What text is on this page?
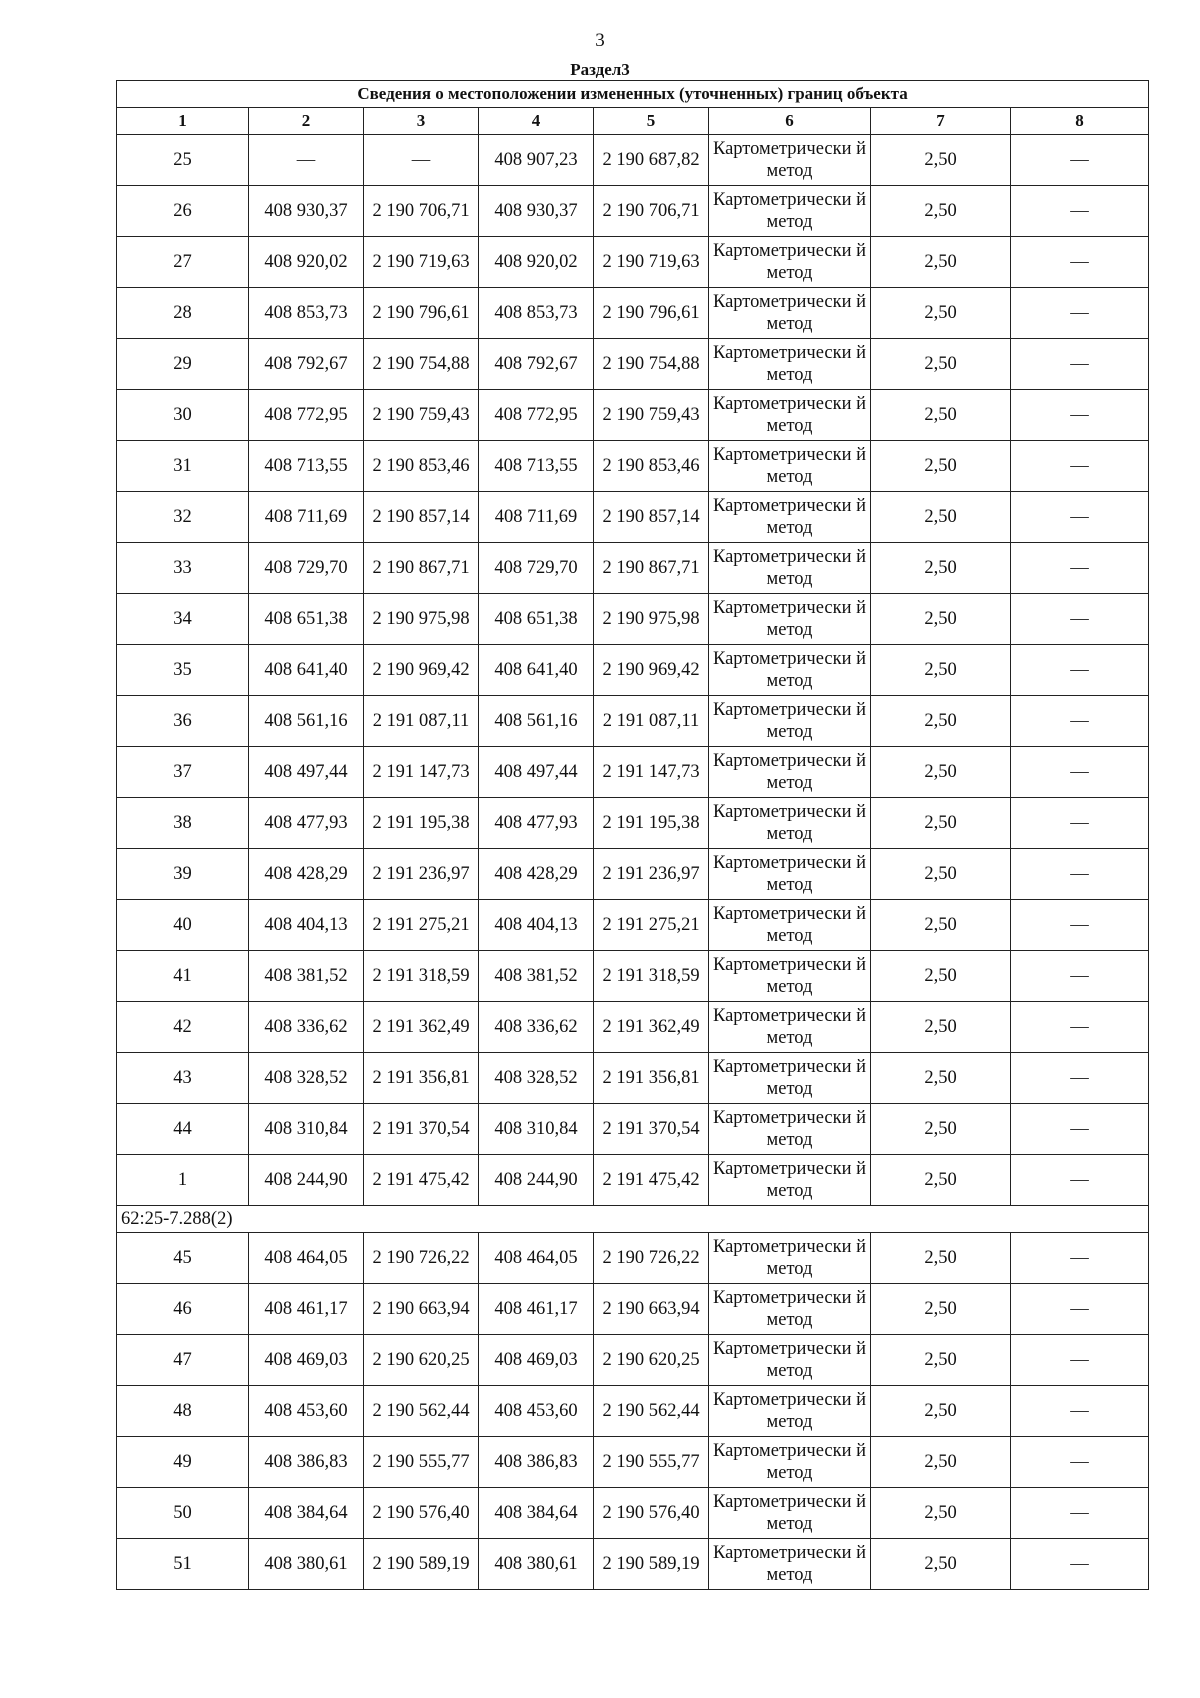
3
Раздел3
Сведения о местоположении измененных (уточненных) границ объекта							
1	2	3	4	5	6	7	8
25	—	—	408 907,23	2 190 687,82	Картометрически й метод	2,50	—
26	408 930,37	2 190 706,71	408 930,37	2 190 706,71	Картометрически й метод	2,50	—
27	408 920,02	2 190 719,63	408 920,02	2 190 719,63	Картометрически й метод	2,50	—
28	408 853,73	2 190 796,61	408 853,73	2 190 796,61	Картометрически й метод	2,50	—
29	408 792,67	2 190 754,88	408 792,67	2 190 754,88	Картометрически й метод	2,50	—
30	408 772,95	2 190 759,43	408 772,95	2 190 759,43	Картометрически й метод	2,50	—
31	408 713,55	2 190 853,46	408 713,55	2 190 853,46	Картометрически й метод	2,50	—
32	408 711,69	2 190 857,14	408 711,69	2 190 857,14	Картометрически й метод	2,50	—
33	408 729,70	2 190 867,71	408 729,70	2 190 867,71	Картометрически й метод	2,50	—
34	408 651,38	2 190 975,98	408 651,38	2 190 975,98	Картометрически й метод	2,50	—
35	408 641,40	2 190 969,42	408 641,40	2 190 969,42	Картометрически й метод	2,50	—
36	408 561,16	2 191 087,11	408 561,16	2 191 087,11	Картометрически й метод	2,50	—
37	408 497,44	2 191 147,73	408 497,44	2 191 147,73	Картометрически й метод	2,50	—
38	408 477,93	2 191 195,38	408 477,93	2 191 195,38	Картометрически й метод	2,50	—
39	408 428,29	2 191 236,97	408 428,29	2 191 236,97	Картометрически й метод	2,50	—
40	408 404,13	2 191 275,21	408 404,13	2 191 275,21	Картометрически й метод	2,50	—
41	408 381,52	2 191 318,59	408 381,52	2 191 318,59	Картометрически й метод	2,50	—
42	408 336,62	2 191 362,49	408 336,62	2 191 362,49	Картометрически й метод	2,50	—
43	408 328,52	2 191 356,81	408 328,52	2 191 356,81	Картометрически й метод	2,50	—
44	408 310,84	2 191 370,54	408 310,84	2 191 370,54	Картометрически й метод	2,50	—
1	408 244,90	2 191 475,42	408 244,90	2 191 475,42	Картометрически й метод	2,50	—
62:25-7.288(2)							
45	408 464,05	2 190 726,22	408 464,05	2 190 726,22	Картометрически й метод	2,50	—
46	408 461,17	2 190 663,94	408 461,17	2 190 663,94	Картометрически й метод	2,50	—
47	408 469,03	2 190 620,25	408 469,03	2 190 620,25	Картометрически й метод	2,50	—
48	408 453,60	2 190 562,44	408 453,60	2 190 562,44	Картометрически й метод	2,50	—
49	408 386,83	2 190 555,77	408 386,83	2 190 555,77	Картометрически й метод	2,50	—
50	408 384,64	2 190 576,40	408 384,64	2 190 576,40	Картометрически й метод	2,50	—
51	408 380,61	2 190 589,19	408 380,61	2 190 589,19	Картометрически й метод	2,50	—
